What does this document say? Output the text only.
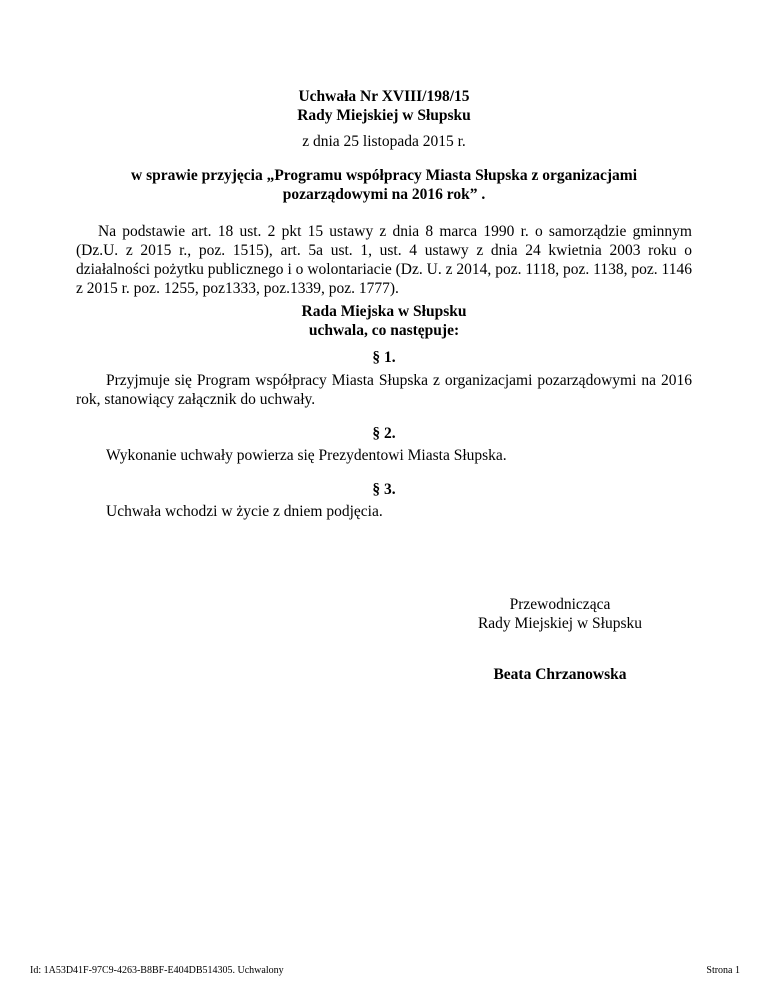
Uchwała Nr XVIII/198/15
Rady Miejskiej w Słupsku
z dnia 25 listopada 2015 r.
w sprawie przyjęcia „Programu współpracy Miasta Słupska z organizacjami
pozarządowymi na 2016 rok” .
Na podstawie art. 18 ust. 2 pkt 15 ustawy z dnia 8 marca 1990 r. o samorządzie gminnym (Dz.U. z 2015 r., poz. 1515), art. 5a ust. 1, ust. 4 ustawy z dnia 24 kwietnia 2003 roku o działalności pożytku publicznego i o wolontariacie (Dz. U. z 2014, poz. 1118, poz. 1138, poz. 1146 z 2015 r. poz. 1255, poz1333, poz.1339, poz. 1777).
Rada Miejska w Słupsku
uchwala, co następuje:
§ 1.
Przyjmuje się Program współpracy Miasta Słupska z organizacjami pozarządowymi na 2016 rok, stanowiący załącznik do uchwały.
§ 2.
Wykonanie uchwały powierza się Prezydentowi Miasta Słupska.
§ 3.
Uchwała wchodzi w życie z dniem podjęcia.
Przewodnicząca
Rady Miejskiej w Słupsku
Beata Chrzanowska
Id: 1A53D41F-97C9-4263-B8BF-E404DB514305. Uchwalony	Strona 1
